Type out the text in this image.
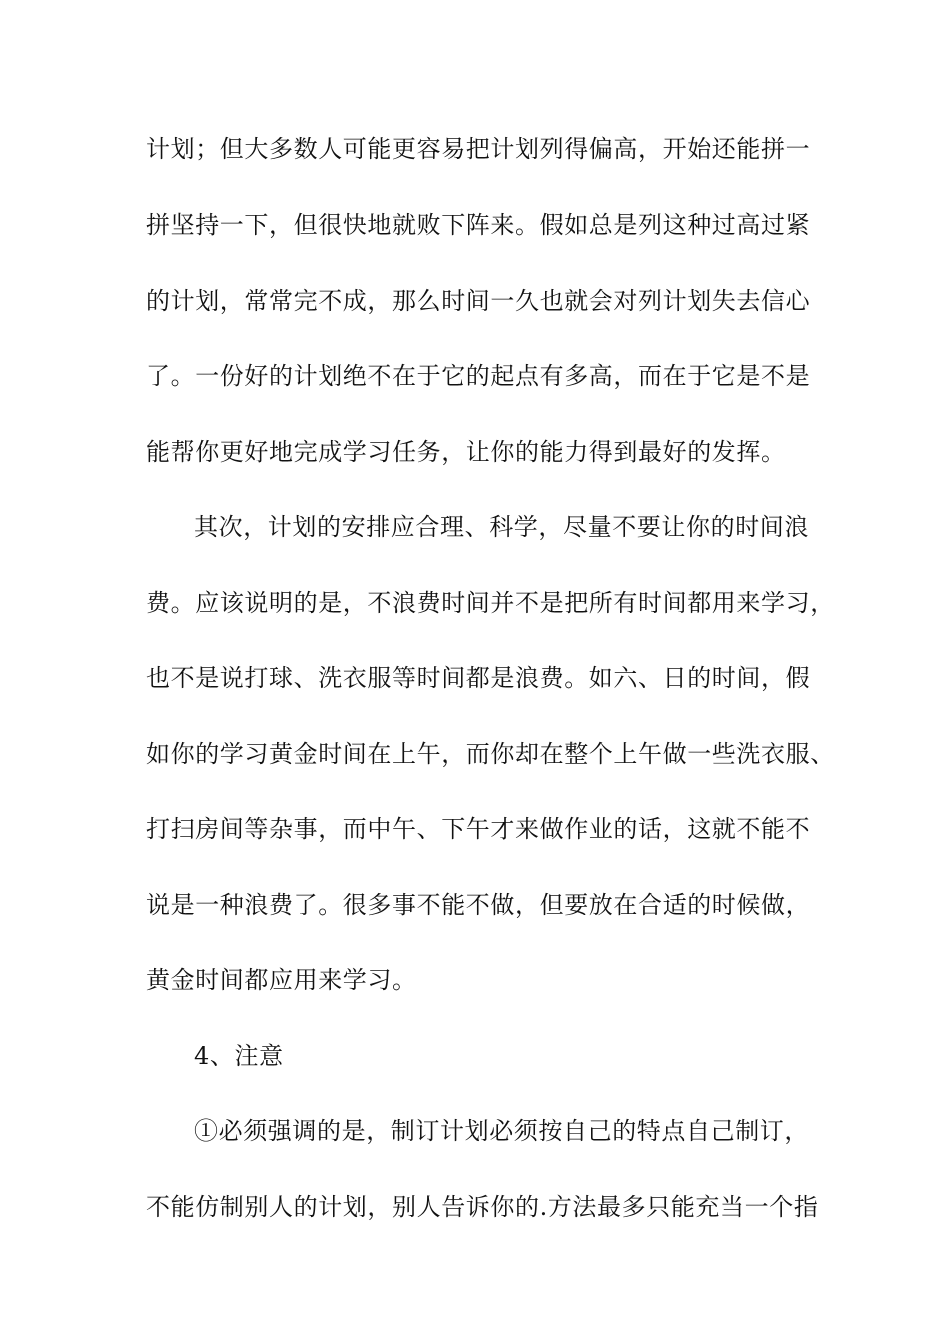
计划；但大多数人可能更容易把计划列得偏高，开始还能拼一
拼坚持一下，但很快地就败下阵来。假如总是列这种过高过紧
的计划，常常完不成，那么时间一久也就会对列计划失去信心
了。一份好的计划绝不在于它的起点有多高，而在于它是不是
能帮你更好地完成学习任务，让你的能力得到最好的发挥。
其次，计划的安排应合理、科学，尽量不要让你的时间浪
费。应该说明的是，不浪费时间并不是把所有时间都用来学习，
也不是说打球、洗衣服等时间都是浪费。如六、日的时间，假
如你的学习黄金时间在上午，而你却在整个上午做一些洗衣服、
打扫房间等杂事，而中午、下午才来做作业的话，这就不能不
说是一种浪费了。很多事不能不做，但要放在合适的时候做，
黄金时间都应用来学习。
4、注意
①必须强调的是，制订计划必须按自己的特点自己制订，
不能仿制别人的计划，别人告诉你的.方法最多只能充当一个指
